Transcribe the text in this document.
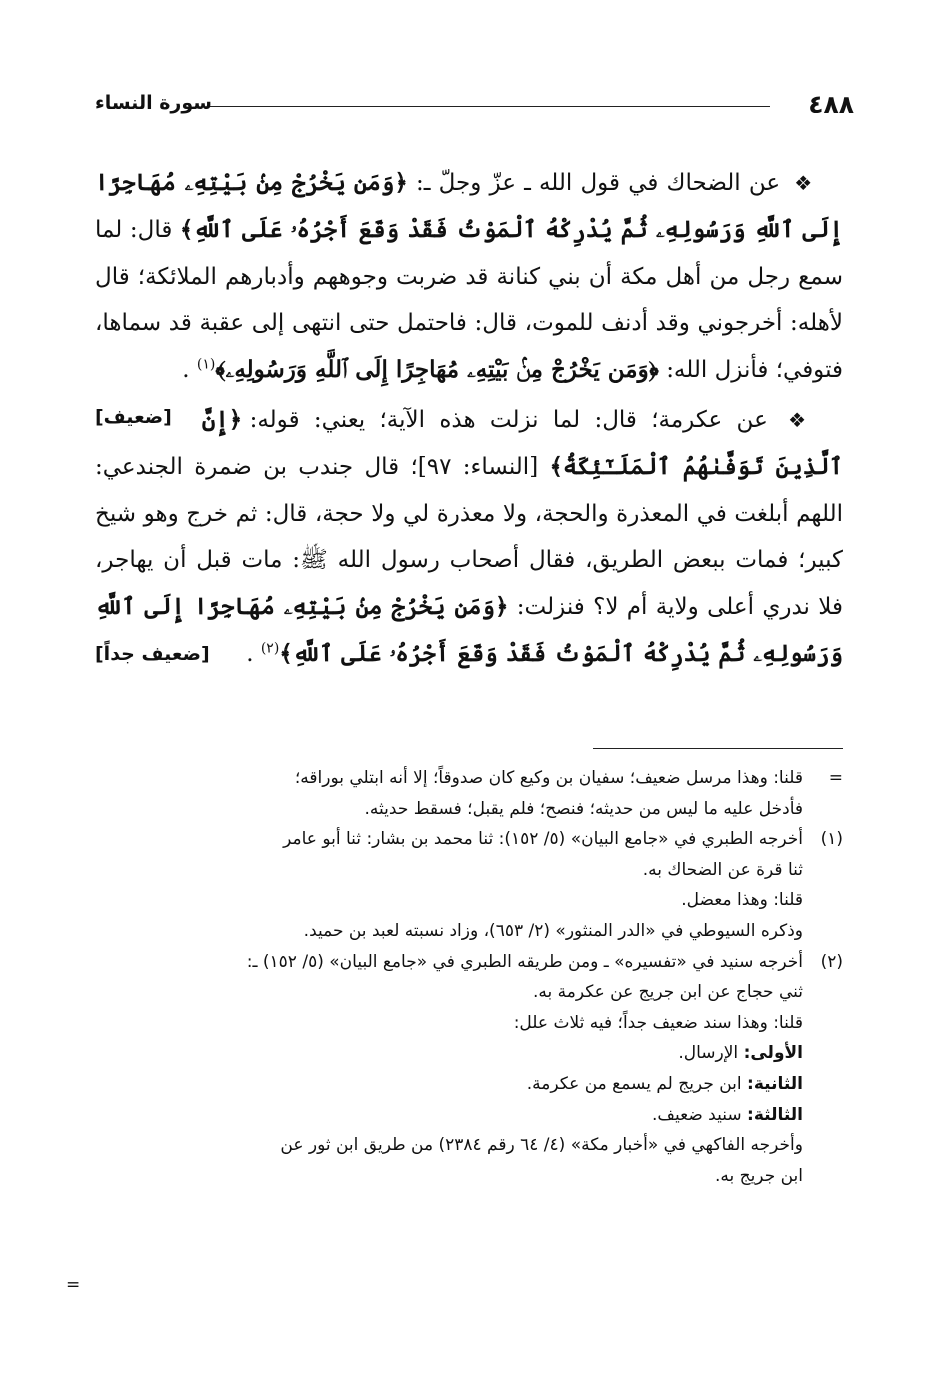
٤٨٨
سورة النساء

❖ عن الضحاك في قول الله ـ عزّ وجلّ ـ: ﴿وَمَن يَخْرُجْ مِنۢ بَيْتِهِۦ مُهَاجِرًا إِلَى ٱللَّهِ وَرَسُولِهِۦ ثُمَّ يُدْرِكْهُ ٱلْمَوْتُ فَقَدْ وَقَعَ أَجْرُهُۥ عَلَى ٱللَّهِ﴾ قال: لما سمع رجل من أهل مكة أن بني كنانة قد ضربت وجوههم وأدبارهم الملائكة؛ قال لأهله: أخرجوني وقد أدنف للموت، قال: فاحتمل حتى انتهى إلى عقبة قد سماها، فتوفي؛ فأنزل الله: ﴿وَمَن يَخْرُجْ مِنۢ بَيْتِهِۦ مُهَاجِرًا إِلَى ٱللَّهِ وَرَسُولِهِۦ﴾$^{(١)}$ .
[ضعيف]	❖ عن عكرمة؛ قال: لما نزلت هذه الآية؛ يعني: قوله: ﴿إِنَّ ٱلَّذِينَ تَوَفَّىٰهُمُ ٱلْمَلَـٰٓئِكَةُ﴾ [النساء: ٩٧]؛ قال جندب بن ضمرة الجندعي: اللهم أبلغت في المعذرة والحجة، ولا معذرة لي ولا حجة، قال: ثم خرج وهو شيخ كبير؛ فمات ببعض الطريق، فقال أصحاب رسول الله ﷺ: مات قبل أن يهاجر، فلا ندري أعلى ولاية أم لا؟ فنزلت: ﴿وَمَن يَخْرُجْ مِنۢ بَيْتِهِۦ مُهَاجِرًا إِلَى ٱللَّهِ وَرَسُولِهِۦ ثُمَّ يُدْرِكْهُ ٱلْمَوْتُ فَقَدْ وَقَعَ أَجْرُهُۥ عَلَى ٱللَّهِ﴾$^{(٢)}$ .
[ضعيف جداً]

=
قلنا: وهذا مرسل ضعيف؛ سفيان بن وكيع كان صدوقاً؛ إلا أنه ابتلي بوراقه؛
فأدخل عليه ما ليس من حديثه؛ فنصح؛ فلم يقبل؛ فسقط حديثه.
(١)
أخرجه الطبري في «جامع البيان» (٥/ ١٥٢): ثنا محمد بن بشار: ثنا أبو عامر
ثنا قرة عن الضحاك به.
قلنا: وهذا معضل.
وذكره السيوطي في «الدر المنثور» (٢/ ٦٥٣)، وزاد نسبته لعبد بن حميد.
(٢)
أخرجه سنيد في «تفسيره» ـ ومن طريقه الطبري في «جامع البيان» (٥/ ١٥٢) ـ:
ثني حجاج عن ابن جريج عن عكرمة به.
قلنا: وهذا سند ضعيف جداً؛ فيه ثلاث علل:
الأولى: الإرسال.
الثانية: ابن جريج لم يسمع من عكرمة.
الثالثة: سنيد ضعيف.
وأخرجه الفاكهي في «أخبار مكة» (٤/ ٦٤ رقم ٢٣٨٤) من طريق ابن ثور عن
ابن جريج به.
=
